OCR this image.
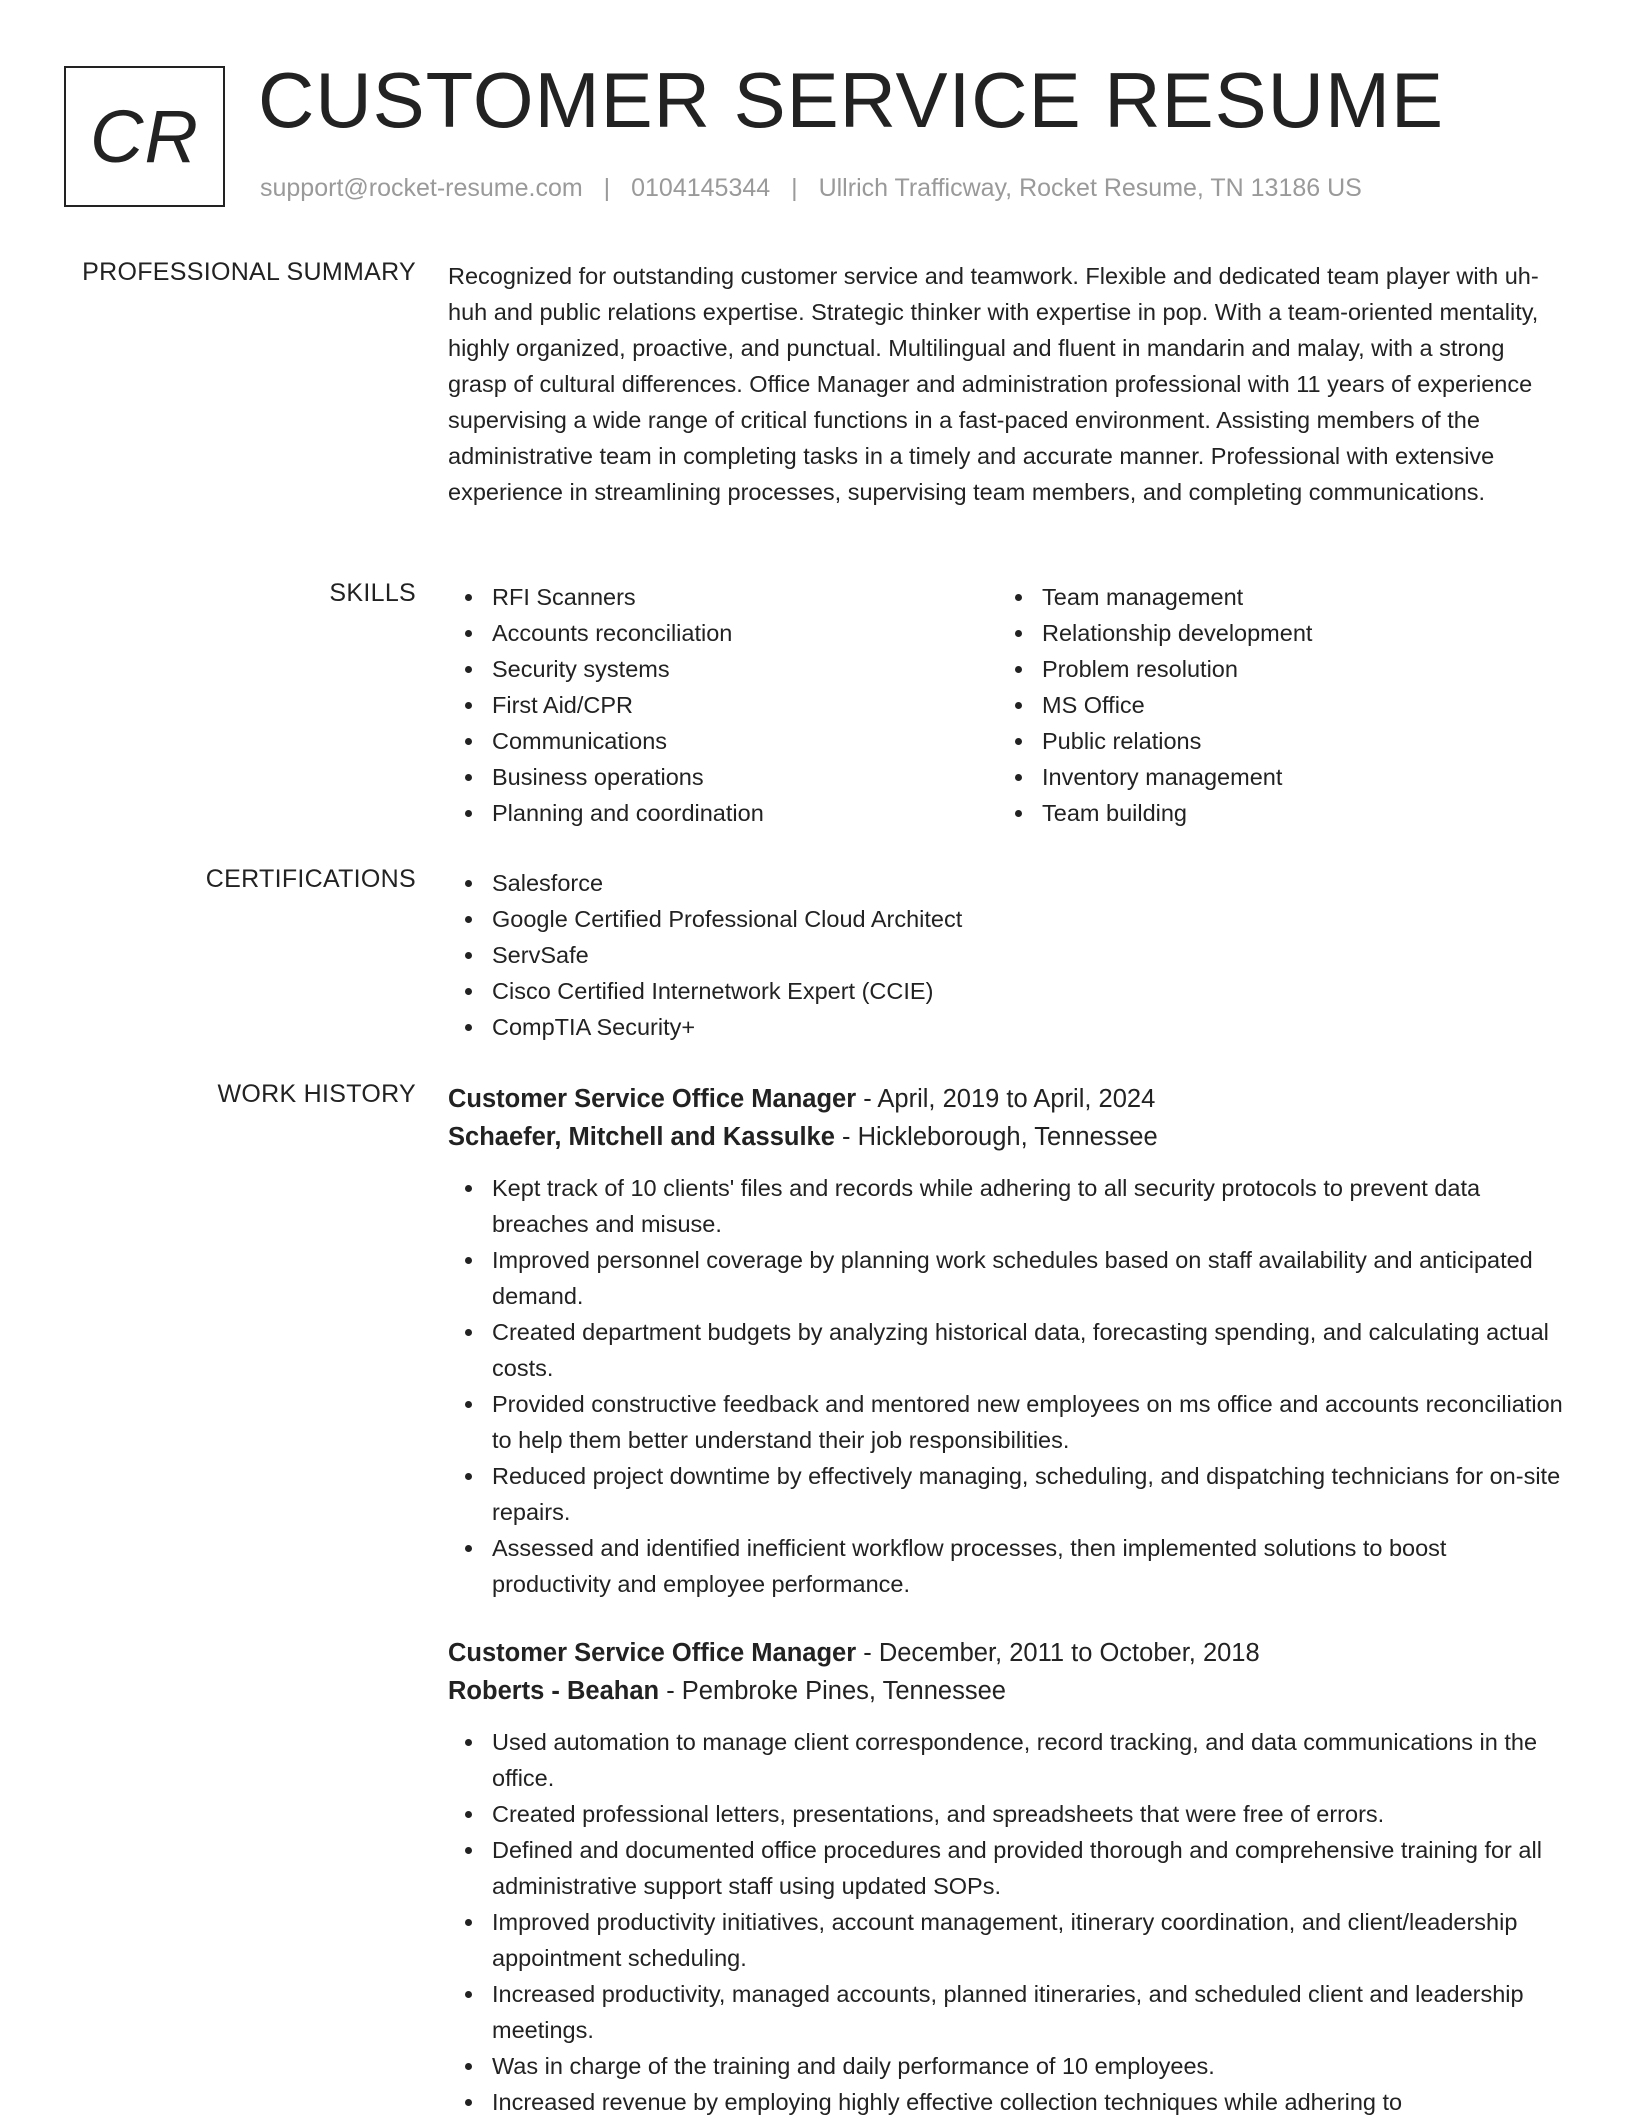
CR CUSTOMER SERVICE RESUME
support@rocket-resume.com | 0104145344 | Ullrich Trafficway, Rocket Resume, TN 13186 US
PROFESSIONAL SUMMARY Recognized for outstanding customer service and teamwork. Flexible and dedicated team player with uh-huh and public relations expertise. Strategic thinker with expertise in pop. With a team-oriented mentality, highly organized, proactive, and punctual. Multilingual and fluent in mandarin and malay, with a strong grasp of cultural differences. Office Manager and administration professional with 11 years of experience supervising a wide range of critical functions in a fast-paced environment. Assisting members of the administrative team in completing tasks in a timely and accurate manner. Professional with extensive experience in streamlining processes, supervising team members, and completing communications.

SKILLS	RFI Scanners
Accounts reconciliation
Security systems
First Aid/CPR
Communications
Business operations
Planning and coordination
Team management
Relationship development
Problem resolution
MS Office
Public relations
Inventory management
Team building
CERTIFICATIONS	Salesforce
Google Certified Professional Cloud Architect
ServSafe
Cisco Certified Internetwork Expert (CCIE)
CompTIA Security+
WORK HISTORY Customer Service Office Manager - April, 2019 to April, 2024
Schaefer, Mitchell and Kassulke - Hickleborough, Tennessee
Kept track of 10 clients' files and records while adhering to all security protocols to prevent data breaches and misuse.
Improved personnel coverage by planning work schedules based on staff availability and anticipated demand.
Created department budgets by analyzing historical data, forecasting spending, and calculating actual costs.
Provided constructive feedback and mentored new employees on ms office and accounts reconciliation to help them better understand their job responsibilities.
Reduced project downtime by effectively managing, scheduling, and dispatching technicians for on-site repairs.
Assessed and identified inefficient workflow processes, then implemented solutions to boost productivity and employee performance.
Customer Service Office Manager - December, 2011 to October, 2018
Roberts - Beahan - Pembroke Pines, Tennessee
Used automation to manage client correspondence, record tracking, and data communications in the office.
Created professional letters, presentations, and spreadsheets that were free of errors.
Defined and documented office procedures and provided thorough and comprehensive training for all administrative support staff using updated SOPs.
Improved productivity initiatives, account management, itinerary coordination, and client/leadership appointment scheduling.
Increased productivity, managed accounts, planned itineraries, and scheduled client and leadership meetings.
Was in charge of the training and daily performance of 10 employees.
Increased revenue by employing highly effective collection techniques while adhering to
